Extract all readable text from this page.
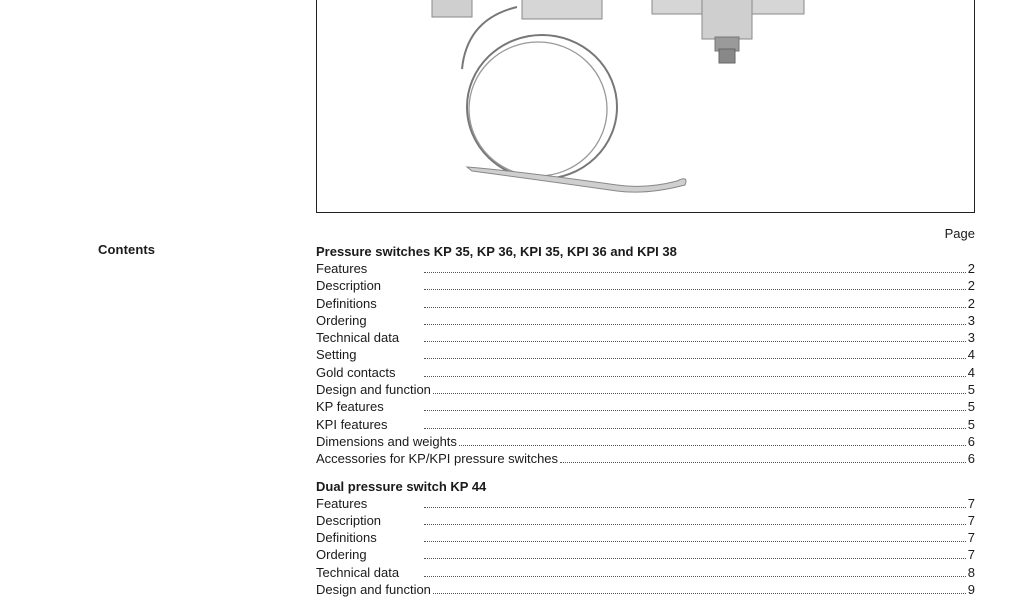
Contents
Page
Pressure switches KP 35, KP 36, KPI 35, KPI 36 and KPI 38
Features	2
Description	2
Definitions	2
Ordering	3
Technical data	3
Setting	4
Gold contacts	4
Design and function	5
KP features	5
KPI features	5
Dimensions and weights	6
Accessories for KP/KPI pressure switches	6
Dual pressure switch KP 44
Features	7
Description	7
Definitions	7
Ordering	7
Technical data	8
Design and function	9
